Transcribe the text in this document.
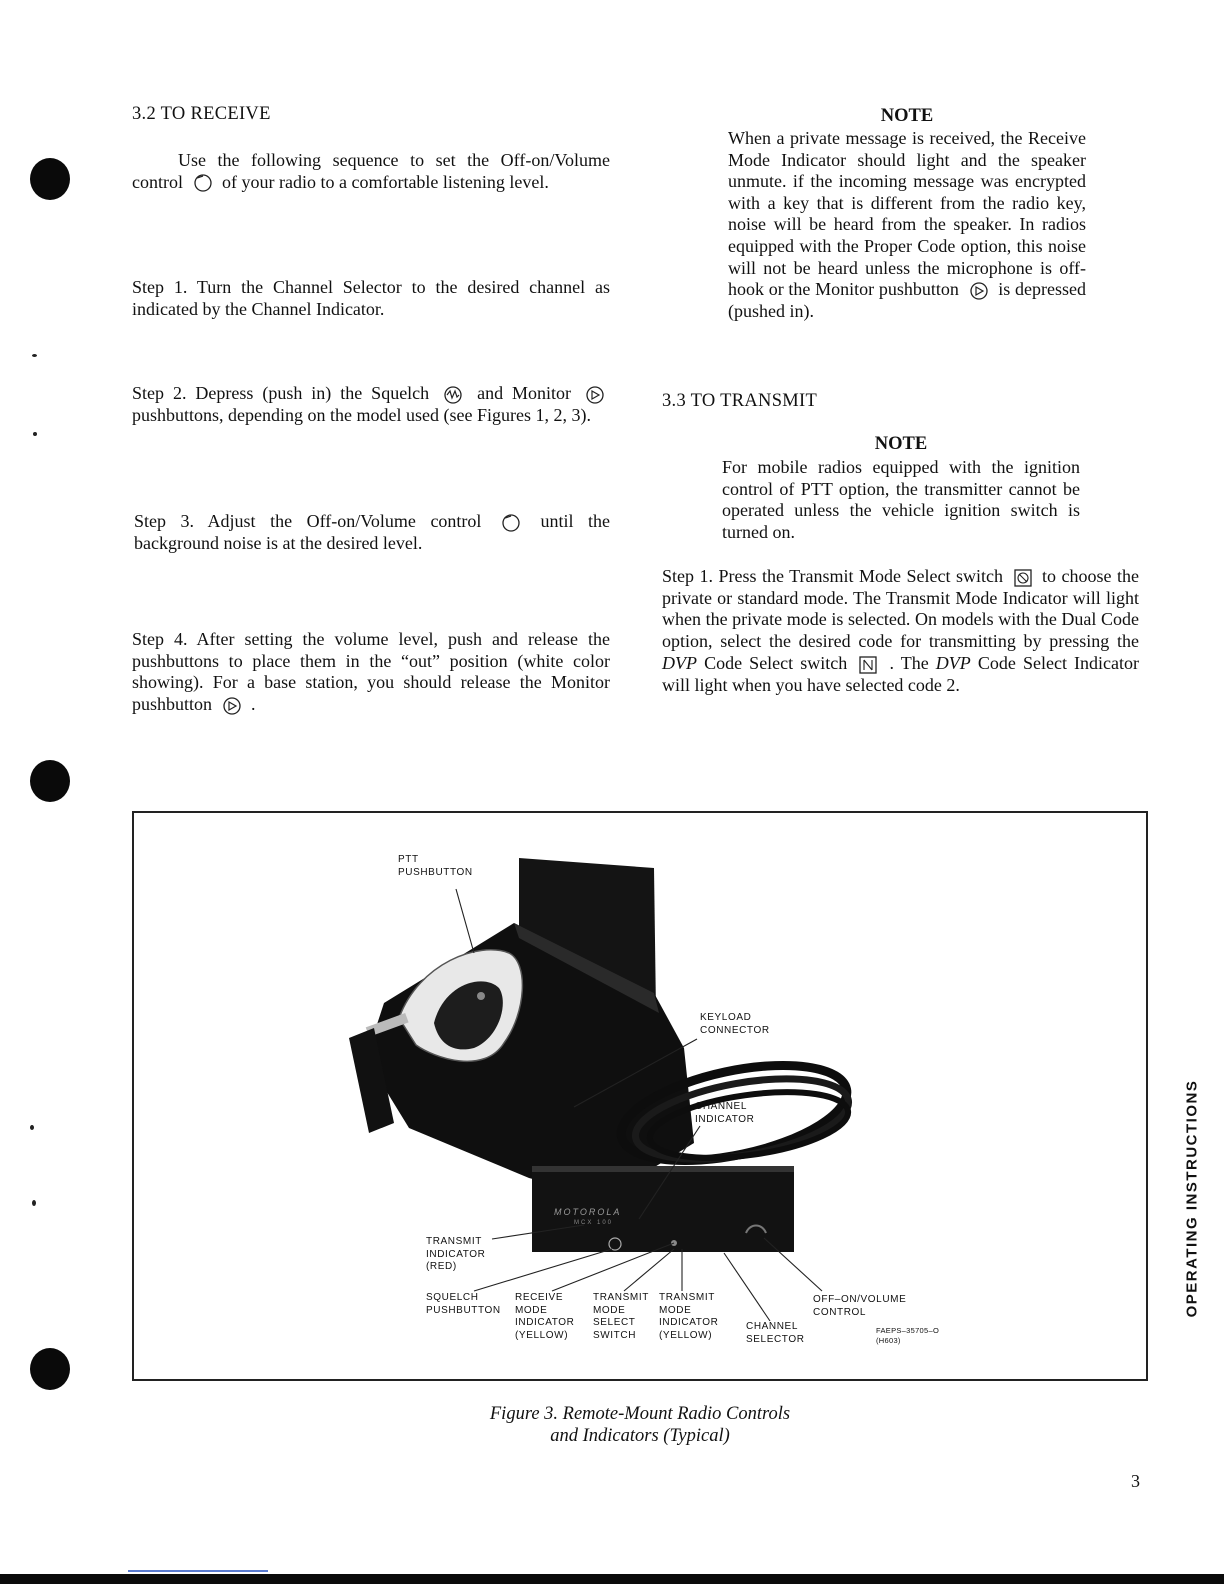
3.2 TO RECEIVE
Use the following sequence to set the Off-on/Volume control of your radio to a comfortable listening level.
Step 1. Turn the Channel Selector to the desired channel as indicated by the Channel Indicator.
Step 2. Depress (push in) the Squelch	and Monitor  pushbuttons, depending on the model used (see Figures 1, 2, 3).
Step 3. Adjust the Off-on/Volume control	until the background noise is at the desired level.
Step 4. After setting the volume level, push and release the pushbuttons to place them in the “out” position (white color showing). For a base station, you should release the Monitor pushbutton .
NOTE
When a private message is received, the Receive Mode Indicator should light and the speaker unmute. if the incoming message was encrypted with a key that is different from the radio key, noise will be heard from the speaker. In radios equipped with the Proper Code option, this noise will not be heard unless the microphone is off-hook or the Monitor pushbutton is depressed (pushed in).
3.3 TO TRANSMIT
NOTE
For mobile radios equipped with the ignition control of PTT option, the transmitter cannot be operated unless the vehicle ignition switch is turned on.
Step 1. Press the Transmit Mode Select switch to choose the private or standard mode. The Transmit Mode Indicator will light when the private mode is selected. On models with the Dual Code option, select the desired code for transmitting by pressing the DVP Code Select switch . The DVP Code Select Indicator will light when you have selected code 2.
MOTOROLA
MCX 100
PTT
PUSHBUTTON
KEYLOAD
CONNECTOR
CHANNEL
INDICATOR
TRANSMIT
INDICATOR
(RED)
SQUELCH
PUSHBUTTON
RECEIVE
MODE
INDICATOR
(YELLOW)
TRANSMIT
MODE
SELECT
SWITCH
TRANSMIT
MODE
INDICATOR
(YELLOW)
CHANNEL
SELECTOR
OFF–ON/VOLUME
CONTROL
FAEPS–35705–O
(H603)
Figure 3. Remote-Mount Radio Controls
and Indicators (Typical)
OPERATING INSTRUCTIONS
3
